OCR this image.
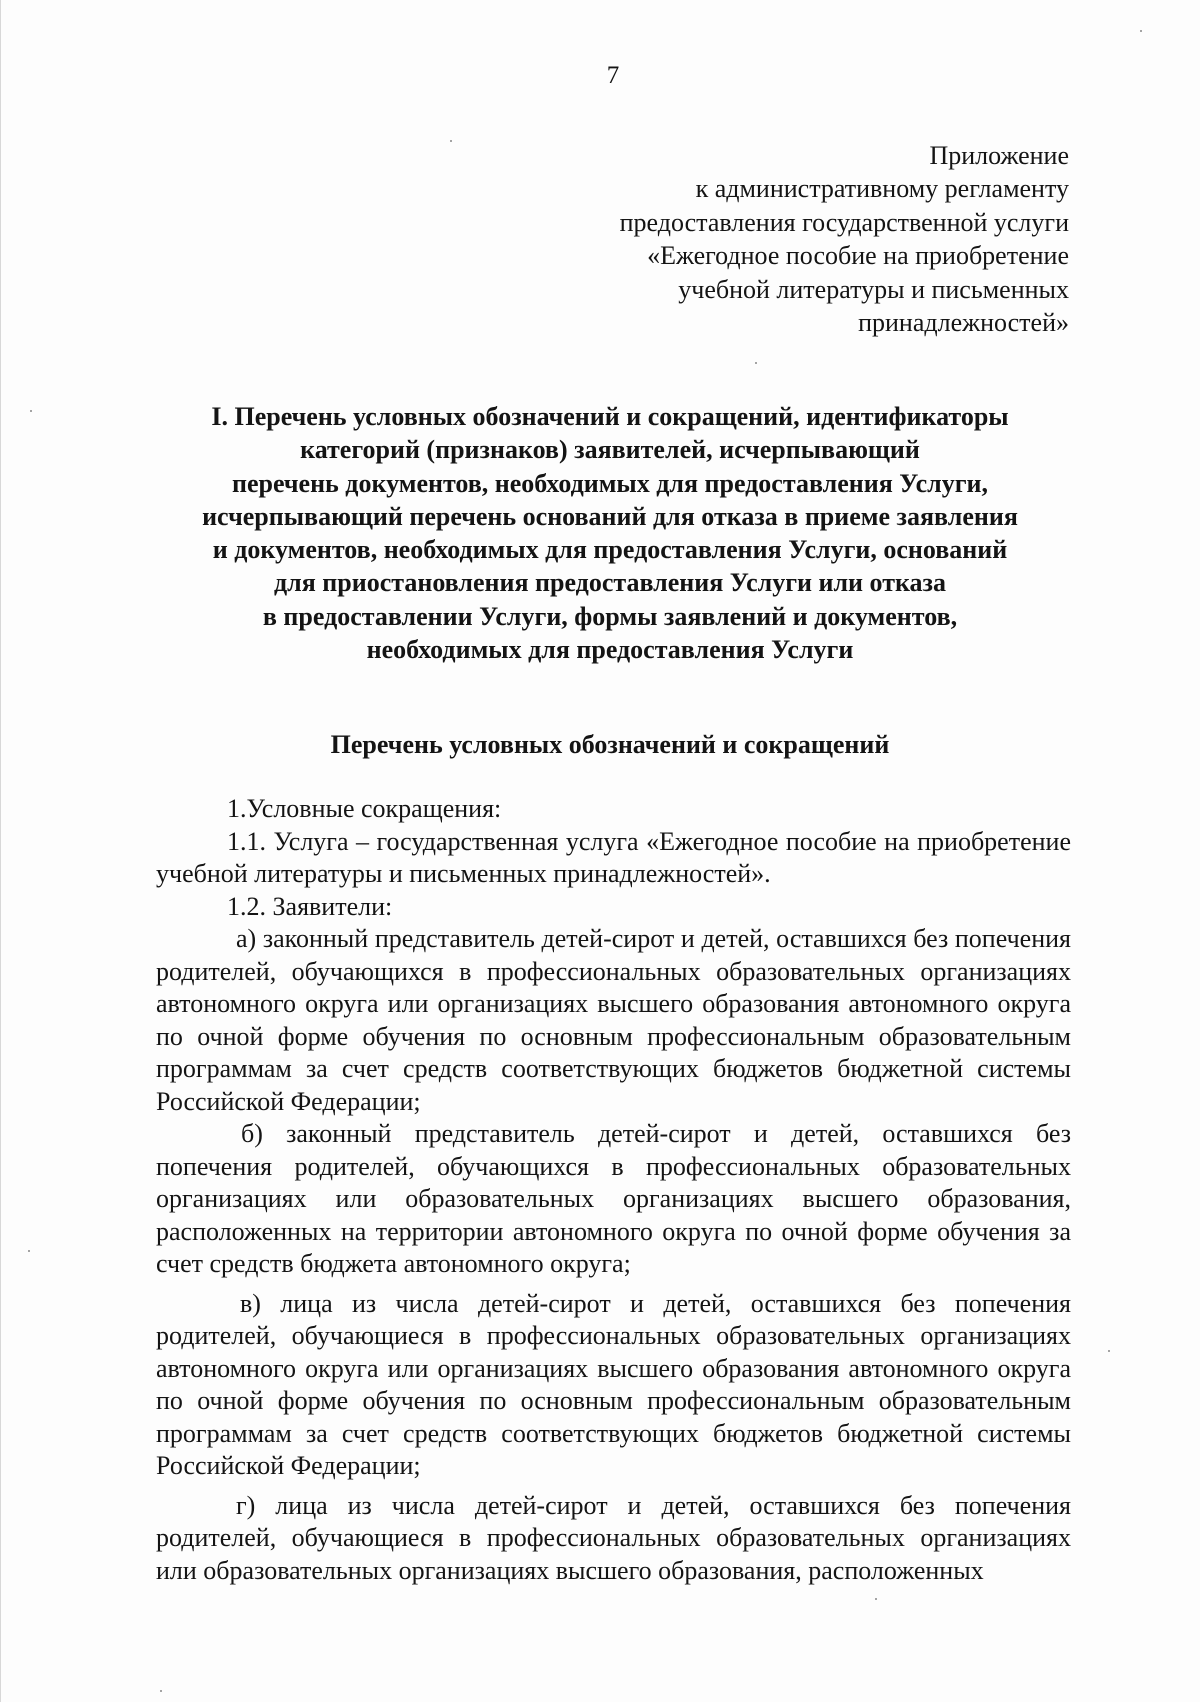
7
Приложение
к административному регламенту
предоставления государственной услуги
«Ежегодное пособие на приобретение
учебной литературы и письменных
принадлежностей»
I. Перечень условных обозначений и сокращений, идентификаторы
категорий (признаков) заявителей, исчерпывающий
перечень документов, необходимых для предоставления Услуги,
исчерпывающий перечень оснований для отказа в приеме заявления
и документов, необходимых для предоставления Услуги, оснований
для приостановления предоставления Услуги или отказа
в предоставлении Услуги, формы заявлений и документов,
необходимых для предоставления Услуги
Перечень условных обозначений и сокращений

1.Условные сокращения:

1.1. Услуга – государственная услуга «Ежегодное пособие на приобретение учебной литературы и письменных принадлежностей».

1.2. Заявители:

а) законный представитель детей-сирот и детей, оставшихся без попечения родителей, обучающихся в профессиональных образовательных организациях автономного округа или организациях высшего образования автономного округа по очной форме обучения по основным профессиональным образовательным программам за счет средств соответствующих бюджетов бюджетной системы Российской Федерации;

б) законный представитель детей-сирот и детей, оставшихся без попечения родителей, обучающихся в профессиональных образовательных организациях или образовательных организациях высшего образования, расположенных на территории автономного округа по очной форме обучения за счет средств бюджета автономного округа;

в) лица из числа детей-сирот и детей, оставшихся без попечения родителей, обучающиеся в профессиональных образовательных организациях автономного округа или организациях высшего образования автономного округа по очной форме обучения по основным профессиональным образовательным программам за счет средств соответствующих бюджетов бюджетной системы Российской Федерации;

г) лица из числа детей-сирот и детей, оставшихся без попечения родителей, обучающиеся в профессиональных образовательных организациях или образовательных организациях высшего образования, расположенных
